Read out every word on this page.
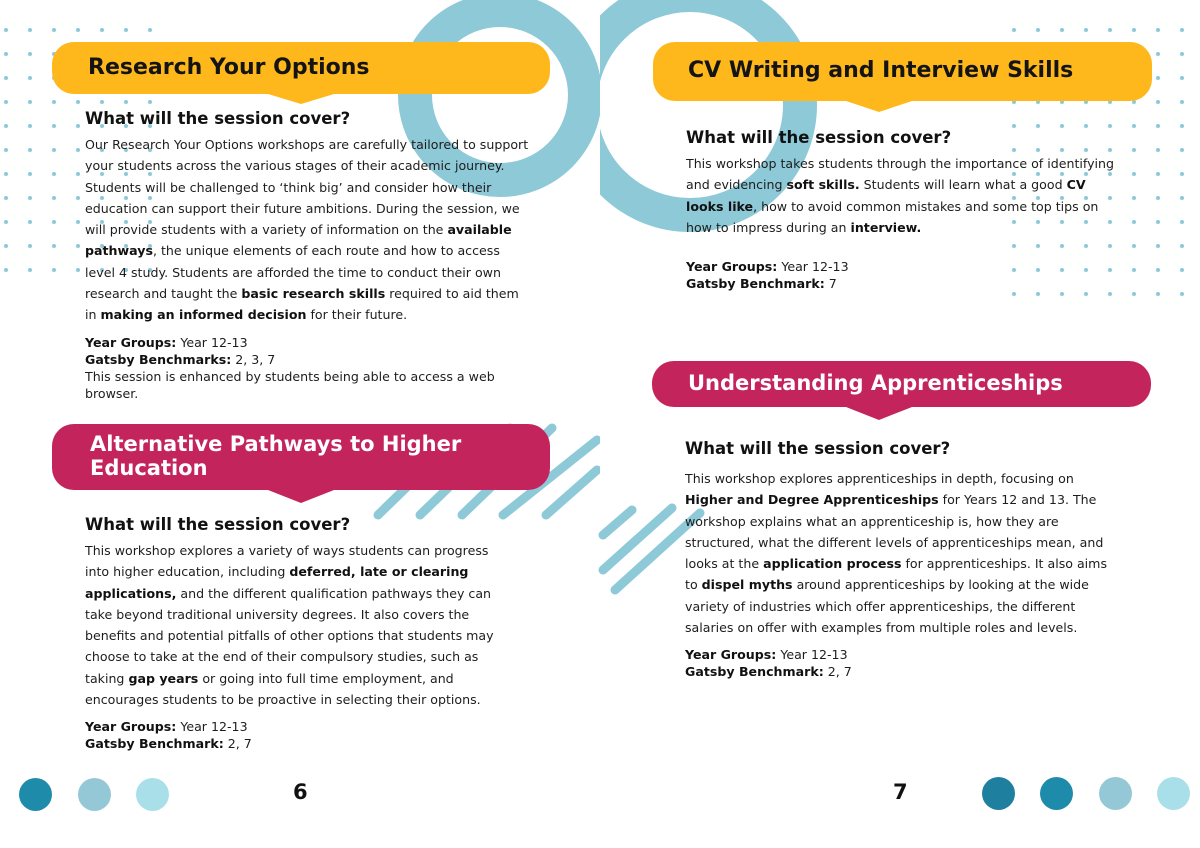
Research Your Options
What will the session cover?

Our Research Your Options workshops are carefully tailored to support your students across the various stages of their academic journey. Students will be challenged to ‘think big’ and consider how their education can support their future ambitions. During the session, we will provide students with a variety of information on the available pathways, the unique elements of each route and how to access level 4 study. Students are afforded the time to conduct their own research and taught the basic research skills required to aid them in making an informed decision for their future.

Year Groups: Year 12-13
Gatsby Benchmarks: 2, 3, 7
This session is enhanced by students being able to access a web browser.
Alternative Pathways to Higher Education
What will the session cover?

This workshop explores a variety of ways students can progress into higher education, including deferred, late or clearing applications, and the different qualification pathways they can take beyond traditional university degrees. It also covers the benefits and potential pitfalls of other options that students may choose to take at the end of their compulsory studies, such as taking gap years or going into full time employment, and encourages students to be proactive in selecting their options.

Year Groups: Year 12-13
Gatsby Benchmark: 2, 7
CV Writing and Interview Skills
What will the session cover?

This workshop takes students through the importance of identifying and evidencing soft skills. Students will learn what a good CV looks like, how to avoid common mistakes and some top tips on how to impress during an interview.

Year Groups: Year 12-13
Gatsby Benchmark: 7
Understanding Apprenticeships
What will the session cover?

This workshop explores apprenticeships in depth, focusing on Higher and Degree Apprenticeships for Years 12 and 13. The workshop explains what an apprenticeship is, how they are structured, what the different levels of apprenticeships mean, and looks at the application process for apprenticeships. It also aims to dispel myths around apprenticeships by looking at the wide variety of industries which offer apprenticeships, the different salaries on offer with examples from multiple roles and levels.

Year Groups: Year 12-13
Gatsby Benchmark: 2, 7
6	7
